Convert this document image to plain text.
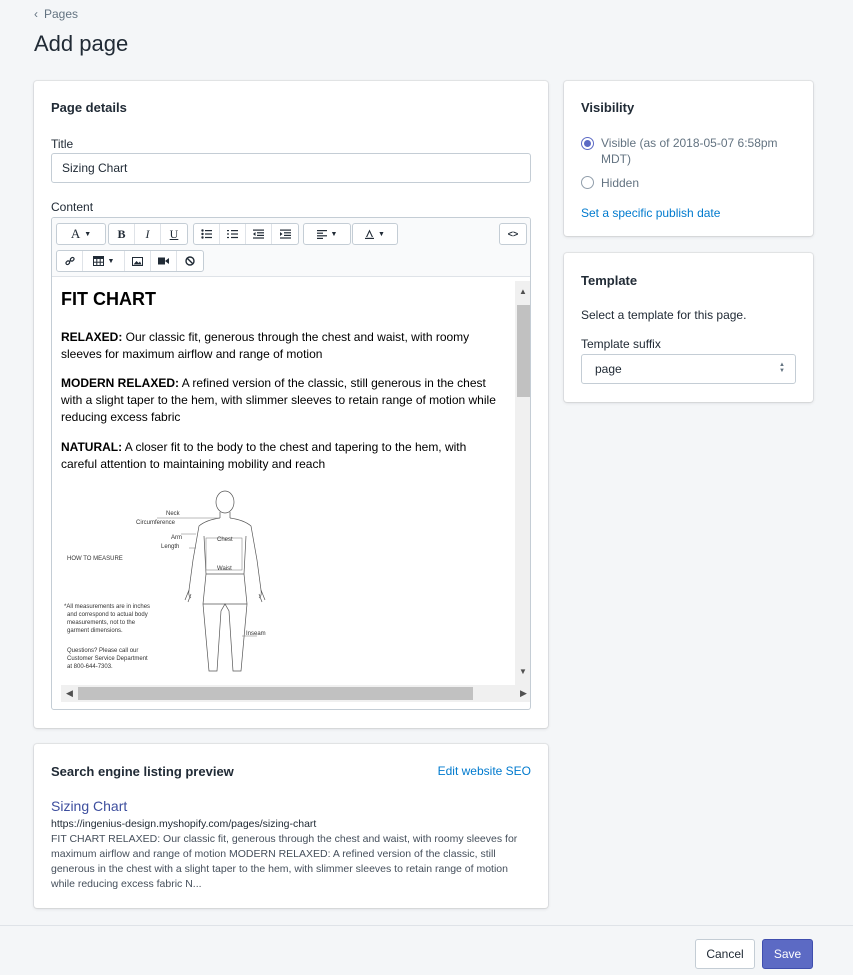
‹ Pages
Add page
Page details
Title
Sizing Chart
Content
A ▼	B	I	U	▼	▼	<>
▼
FIT CHART
RELAXED: Our classic fit, generous through the chest and waist, with roomy sleeves for maximum airflow and range of motion
MODERN RELAXED: A refined version of the classic, still generous in the chest with a slight taper to the hem, with slimmer sleeves to retain range of motion while reducing excess fabric
NATURAL: A closer fit to the body to the chest and tapering to the hem, with careful attention to maintaining mobility and reach
Neck
Circumference
Arm
Length
Chest
Waist
Inseam
HOW TO MEASURE
*All measurements are in inches
and correspond to actual body
measurements, not to the
garment dimensions.
Questions? Please call our
Customer Service Department
at 800-644-7303.
▲
▼
◀	▶
Visibility
Visible (as of 2018-05-07 6:58pm MDT)
Hidden
Set a specific publish date
Template
Select a template for this page.
Template suffix
page	▲
▼
Search engine listing preview	Edit website SEO
Sizing Chart
https://ingenius-design.myshopify.com/pages/sizing-chart
FIT CHART RELAXED: Our classic fit, generous through the chest and waist, with roomy sleeves for maximum airflow and range of motion MODERN RELAXED: A refined version of the classic, still generous in the chest with a slight taper to the hem, with slimmer sleeves to retain range of motion while reducing excess fabric N...
Cancel	Save
